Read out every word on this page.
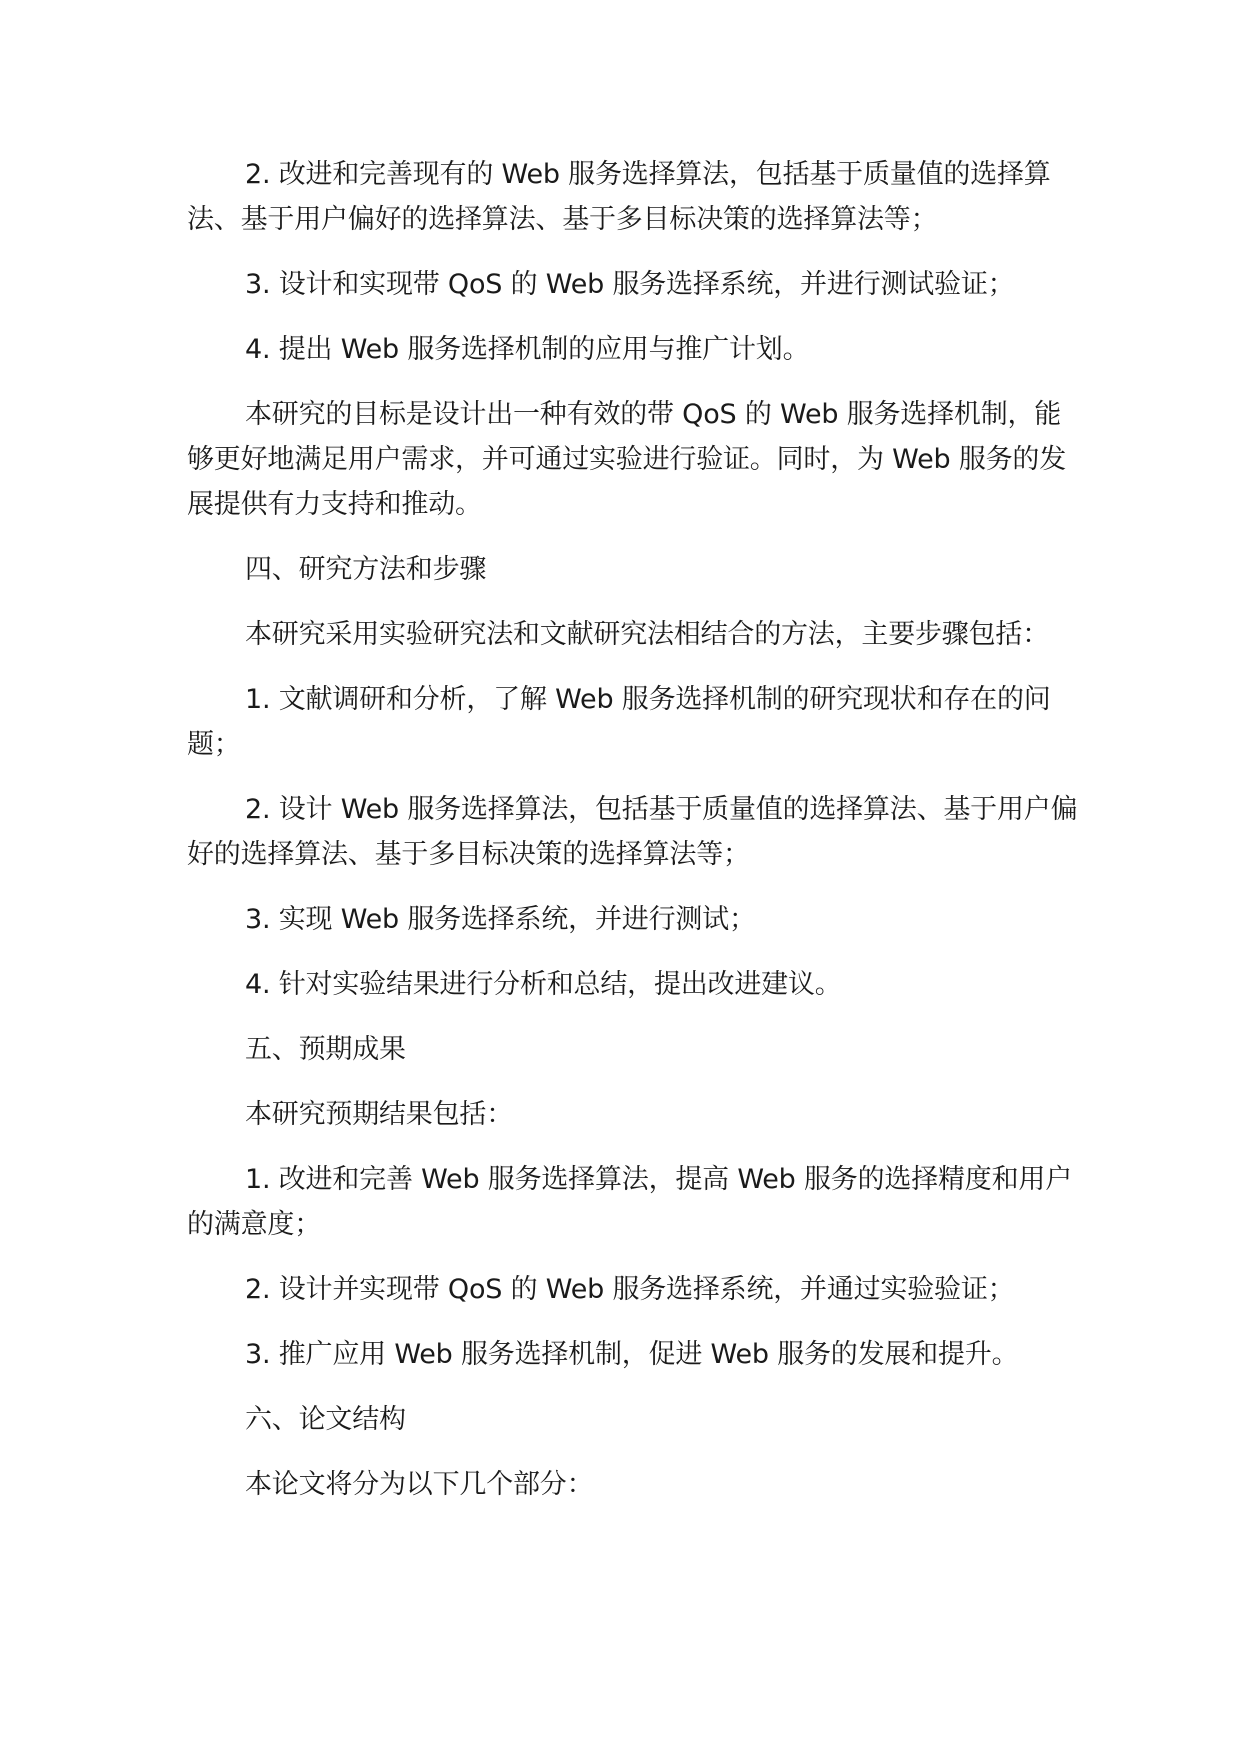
2. 改进和完善现有的 Web 服务选择算法，包括基于质量值的选择算法、基于用户偏好的选择算法、基于多目标决策的选择算法等；

3. 设计和实现带 QoS 的 Web 服务选择系统，并进行测试验证；

4. 提出 Web 服务选择机制的应用与推广计划。

本研究的目标是设计出一种有效的带 QoS 的 Web 服务选择机制，能够更好地满足用户需求，并可通过实验进行验证。同时，为 Web 服务的发展提供有力支持和推动。

四、研究方法和步骤

本研究采用实验研究法和文献研究法相结合的方法，主要步骤包括：

1. 文献调研和分析，了解 Web 服务选择机制的研究现状和存在的问题；

2. 设计 Web 服务选择算法，包括基于质量值的选择算法、基于用户偏好的选择算法、基于多目标决策的选择算法等；

3. 实现 Web 服务选择系统，并进行测试；

4. 针对实验结果进行分析和总结，提出改进建议。

五、预期成果

本研究预期结果包括：

1. 改进和完善 Web 服务选择算法，提高 Web 服务的选择精度和用户的满意度；

2. 设计并实现带 QoS 的 Web 服务选择系统，并通过实验验证；

3. 推广应用 Web 服务选择机制，促进 Web 服务的发展和提升。

六、论文结构

本论文将分为以下几个部分：
